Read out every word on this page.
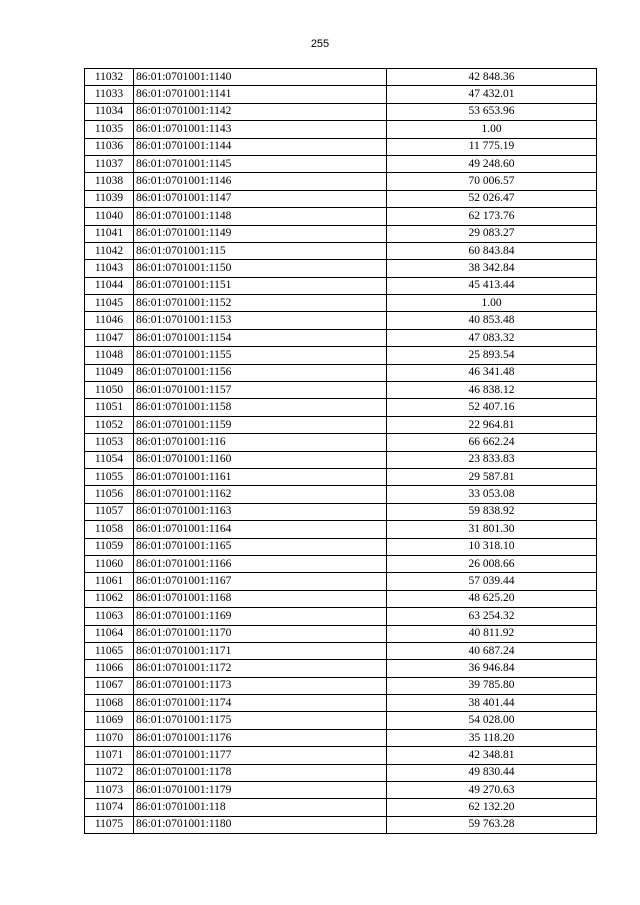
255
11032	86:01:0701001:1140	42 848.36
11033	86:01:0701001:1141	47 432.01
11034	86:01:0701001:1142	53 653.96
11035	86:01:0701001:1143	1.00
11036	86:01:0701001:1144	11 775.19
11037	86:01:0701001:1145	49 248.60
11038	86:01:0701001:1146	70 006.57
11039	86:01:0701001:1147	52 026.47
11040	86:01:0701001:1148	62 173.76
11041	86:01:0701001:1149	29 083.27
11042	86:01:0701001:115	60 843.84
11043	86:01:0701001:1150	38 342.84
11044	86:01:0701001:1151	45 413.44
11045	86:01:0701001:1152	1.00
11046	86:01:0701001:1153	40 853.48
11047	86:01:0701001:1154	47 083.32
11048	86:01:0701001:1155	25 893.54
11049	86:01:0701001:1156	46 341.48
11050	86:01:0701001:1157	46 838.12
11051	86:01:0701001:1158	52 407.16
11052	86:01:0701001:1159	22 964.81
11053	86:01:0701001:116	66 662.24
11054	86:01:0701001:1160	23 833.83
11055	86:01:0701001:1161	29 587.81
11056	86:01:0701001:1162	33 053.08
11057	86:01:0701001:1163	59 838.92
11058	86:01:0701001:1164	31 801.30
11059	86:01:0701001:1165	10 318.10
11060	86:01:0701001:1166	26 008.66
11061	86:01:0701001:1167	57 039.44
11062	86:01:0701001:1168	48 625.20
11063	86:01:0701001:1169	63 254.32
11064	86:01:0701001:1170	40 811.92
11065	86:01:0701001:1171	40 687.24
11066	86:01:0701001:1172	36 946.84
11067	86:01:0701001:1173	39 785.80
11068	86:01:0701001:1174	38 401.44
11069	86:01:0701001:1175	54 028.00
11070	86:01:0701001:1176	35 118.20
11071	86:01:0701001:1177	42 348.81
11072	86:01:0701001:1178	49 830.44
11073	86:01:0701001:1179	49 270.63
11074	86:01:0701001:118	62 132.20
11075	86:01:0701001:1180	59 763.28
